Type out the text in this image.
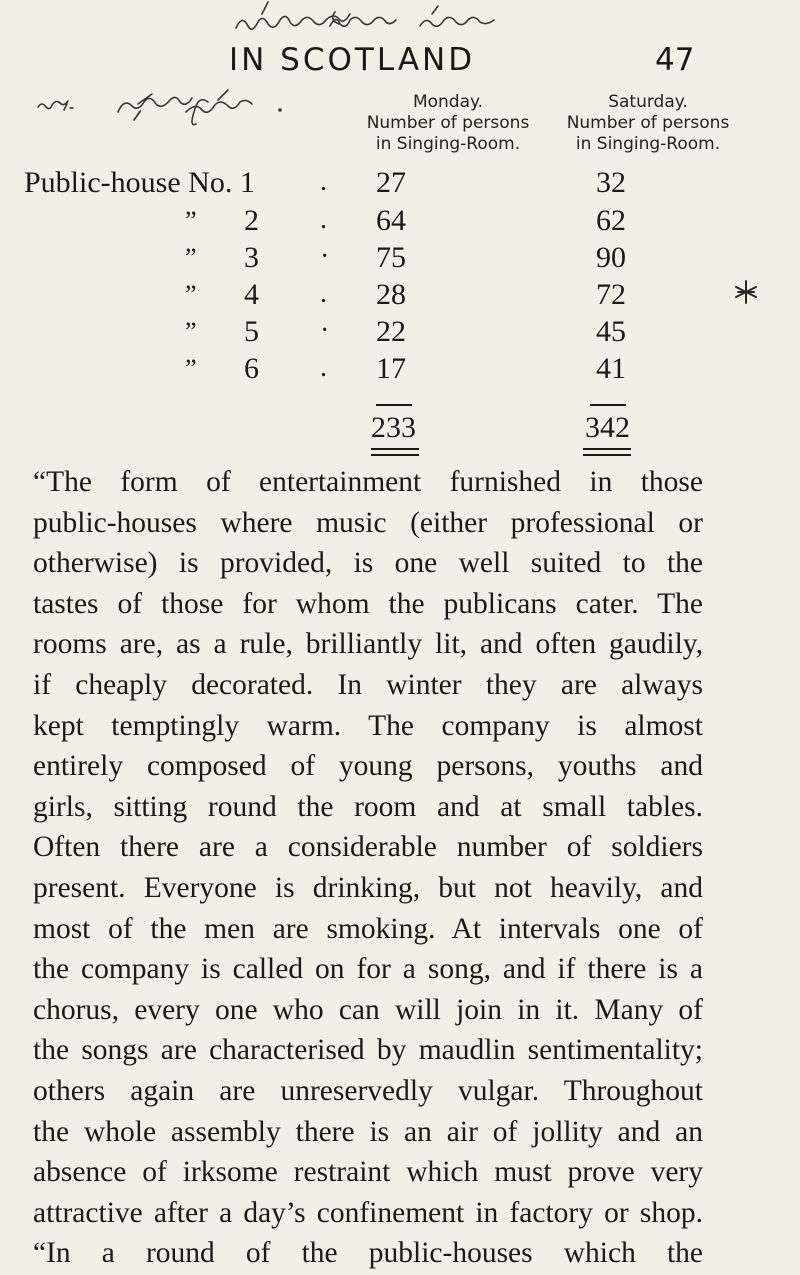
IN SCOTLAND	47
Monday.
Number of persons
in Singing-Room.
Saturday.
Number of persons
in Singing-Room.
Public-house No. 1 . 27	32
” 2 . 64	62
” 3 · 75	90
” 4 . 28	72
” 5 · 22	45
” 6 . 17	41
233	342

“The form of entertainment furnished in those

public-houses where music (either professional or

otherwise) is provided, is one well suited to the

tastes of those for whom the publicans cater. The

rooms are, as a rule, brilliantly lit, and often gaudily,

if cheaply decorated. In winter they are always

kept temptingly warm. The company is almost

entirely composed of young persons, youths and

girls, sitting round the room and at small tables.

Often there are a considerable number of soldiers

present. Everyone is drinking, but not heavily, and

most of the men are smoking. At intervals one of

the company is called on for a song, and if there is a

chorus, every one who can will join in it. Many of

the songs are characterised by maudlin sentimentality;

others again are unreservedly vulgar. Throughout

the whole assembly there is an air of jollity and an

absence of irksome restraint which must prove very

attractive after a day’s confinement in factory or shop.

“In a round of the public-houses which the
